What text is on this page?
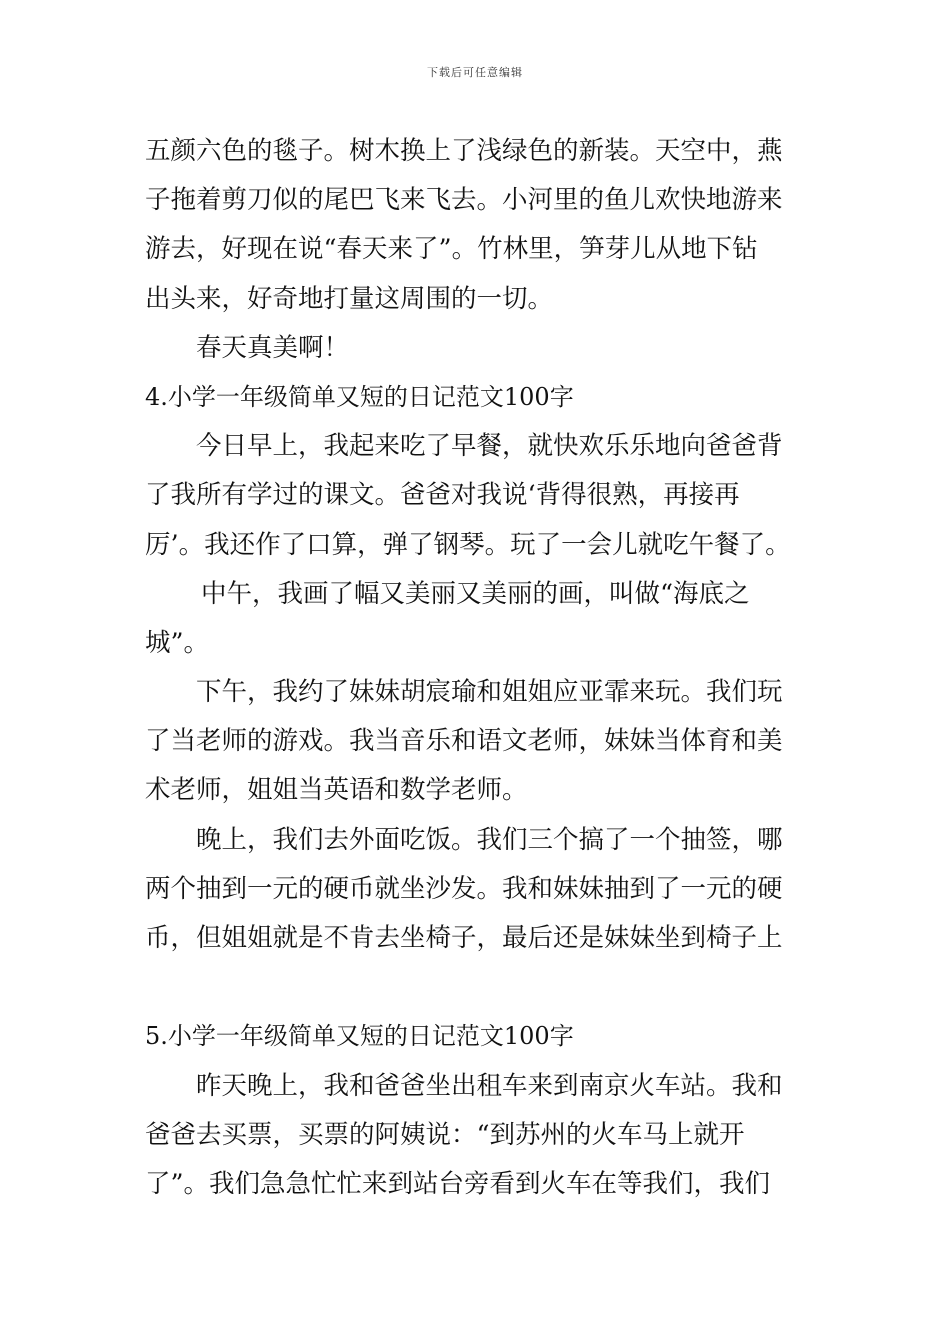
下载后可任意编辑
五颜六色的毯子。树木换上了浅绿色的新装。天空中，燕
子拖着剪刀似的尾巴飞来飞去。小河里的鱼儿欢快地游来
游去，好现在说“春天来了”。竹林里，笋芽儿从地下钻
出头来，好奇地打量这周围的一切。
春天真美啊！
4.小学一年级简单又短的日记范文100字
今日早上，我起来吃了早餐，就快欢乐乐地向爸爸背
了我所有学过的课文。爸爸对我说‘背得很熟，再接再
厉’。我还作了口算，弹了钢琴。玩了一会儿就吃午餐了。
中午，我画了幅又美丽又美丽的画，叫做“海底之
城”。
下午，我约了妹妹胡宸瑜和姐姐应亚霏来玩。我们玩
了当老师的游戏。我当音乐和语文老师，妹妹当体育和美
术老师，姐姐当英语和数学老师。
晚上，我们去外面吃饭。我们三个搞了一个抽签，哪
两个抽到一元的硬币就坐沙发。我和妹妹抽到了一元的硬
币，但姐姐就是不肯去坐椅子，最后还是妹妹坐到椅子上
5.小学一年级简单又短的日记范文100字
昨天晚上，我和爸爸坐出租车来到南京火车站。我和
爸爸去买票，买票的阿姨说：“到苏州的火车马上就开
了”。我们急急忙忙来到站台旁看到火车在等我们，我们
